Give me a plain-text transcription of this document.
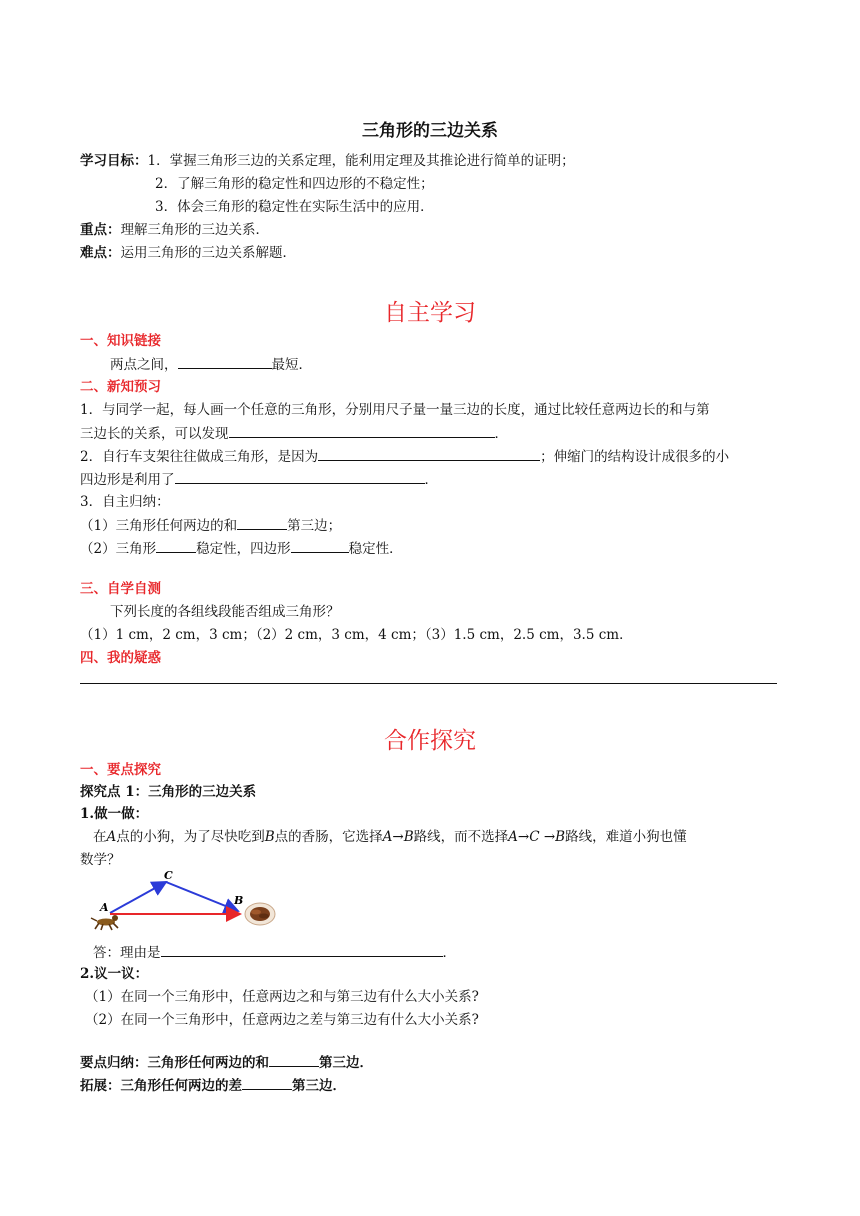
三角形的三边关系
学习目标：1．掌握三角形三边的关系定理，能利用定理及其推论进行简单的证明；
2．了解三角形的稳定性和四边形的不稳定性；
3．体会三角形的稳定性在实际生活中的应用．
重点：理解三角形的三边关系．
难点：运用三角形的三边关系解题．
自主学习
一、知识链接
两点之间，	最短．
二、新知预习
1．与同学一起，每人画一个任意的三角形，分别用尺子量一量三边的长度，通过比较任意两边长的和与第
三边长的关系，可以发现	．
2．自行车支架往往做成三角形，是因为	；伸缩门的结构设计成很多的小
四边形是利用了	．
3．自主归纳：
（1）三角形任何两边的和	第三边；
（2）三角形	稳定性，四边形	稳定性．
三、自学自测
下列长度的各组线段能否组成三角形？
（1）1 cm，2 cm，3 cm；（2）2 cm，3 cm，4 cm；（3）1.5 cm，2.5 cm，3.5 cm．
四、我的疑惑
合作探究
一、要点探究
探究点 1：三角形的三边关系
1.做一做：
在A点的小狗，为了尽快吃到B点的香肠，它选择A→B路线，而不选择A→C →B路线，难道小狗也懂
数学？
A
C
B
答：理由是	．
2.议一议：
（1）在同一个三角形中，任意两边之和与第三边有什么大小关系?
（2）在同一个三角形中，任意两边之差与第三边有什么大小关系?
要点归纳：三角形任何两边的和	第三边．
拓展：三角形任何两边的差	第三边．
